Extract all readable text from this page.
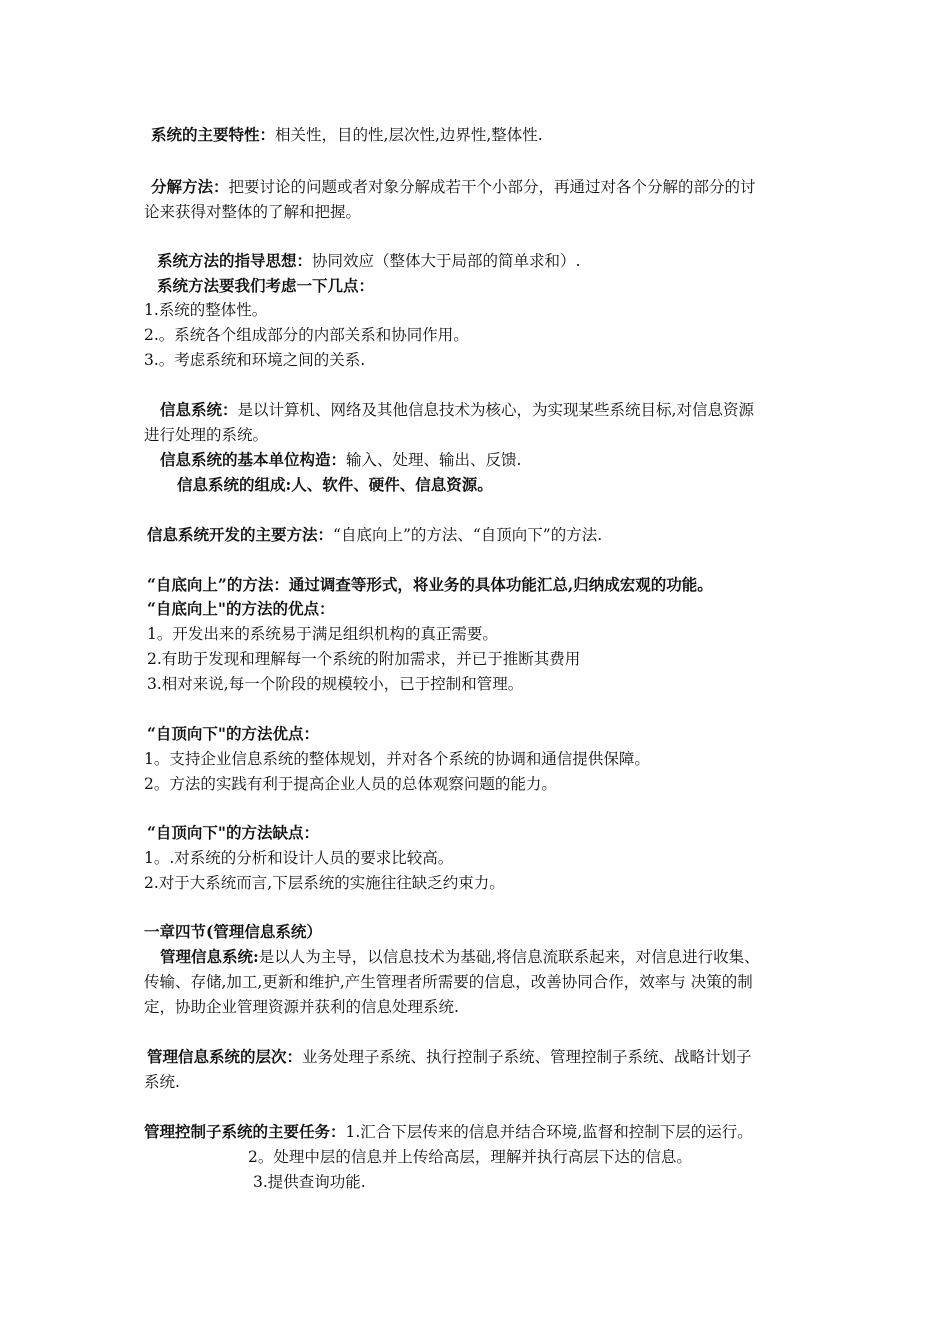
系统的主要特性：相关性，目的性,层次性,边界性,整体性.
分解方法：把要讨论的问题或者对象分解成若干个小部分，再通过对各个分解的部分的讨
论来获得对整体的了解和把握。
系统方法的指导思想：协同效应（整体大于局部的简单求和）.
系统方法要我们考虑一下几点：
1.系统的整体性。
2.。系统各个组成部分的内部关系和协同作用。
3.。考虑系统和环境之间的关系.
信息系统：是以计算机、网络及其他信息技术为核心，为实现某些系统目标,对信息资源
进行处理的系统。
信息系统的基本单位构造：输入、处理、输出、反馈.
信息系统的组成:人、软件、硬件、信息资源。
信息系统开发的主要方法：“自底向上”的方法、“自顶向下”的方法.
“自底向上”的方法：通过调查等形式，将业务的具体功能汇总,归纳成宏观的功能。
“自底向上"的方法的优点：
1。开发出来的系统易于满足组织机构的真正需要。
2.有助于发现和理解每一个系统的附加需求，并已于推断其费用
3.相对来说,每一个阶段的规模较小，已于控制和管理。
“自顶向下"的方法优点：
1。支持企业信息系统的整体规划，并对各个系统的协调和通信提供保障。
2。方法的实践有利于提高企业人员的总体观察问题的能力。
“自顶向下"的方法缺点：
1。.对系统的分析和设计人员的要求比较高。
2.对于大系统而言,下层系统的实施往往缺乏约束力。
一章四节(管理信息系统）
管理信息系统:是以人为主导，以信息技术为基础,将信息流联系起来，对信息进行收集、
传输、存储,加工,更新和维护,产生管理者所需要的信息，改善协同合作，效率与 决策的制
定，协助企业管理资源并获利的信息处理系统.
管理信息系统的层次：业务处理子系统、执行控制子系统、管理控制子系统、战略计划子
系统.
管理控制子系统的主要任务：1.汇合下层传来的信息并结合环境,监督和控制下层的运行。
2。处理中层的信息并上传给高层，理解并执行高层下达的信息。
3.提供查询功能.
